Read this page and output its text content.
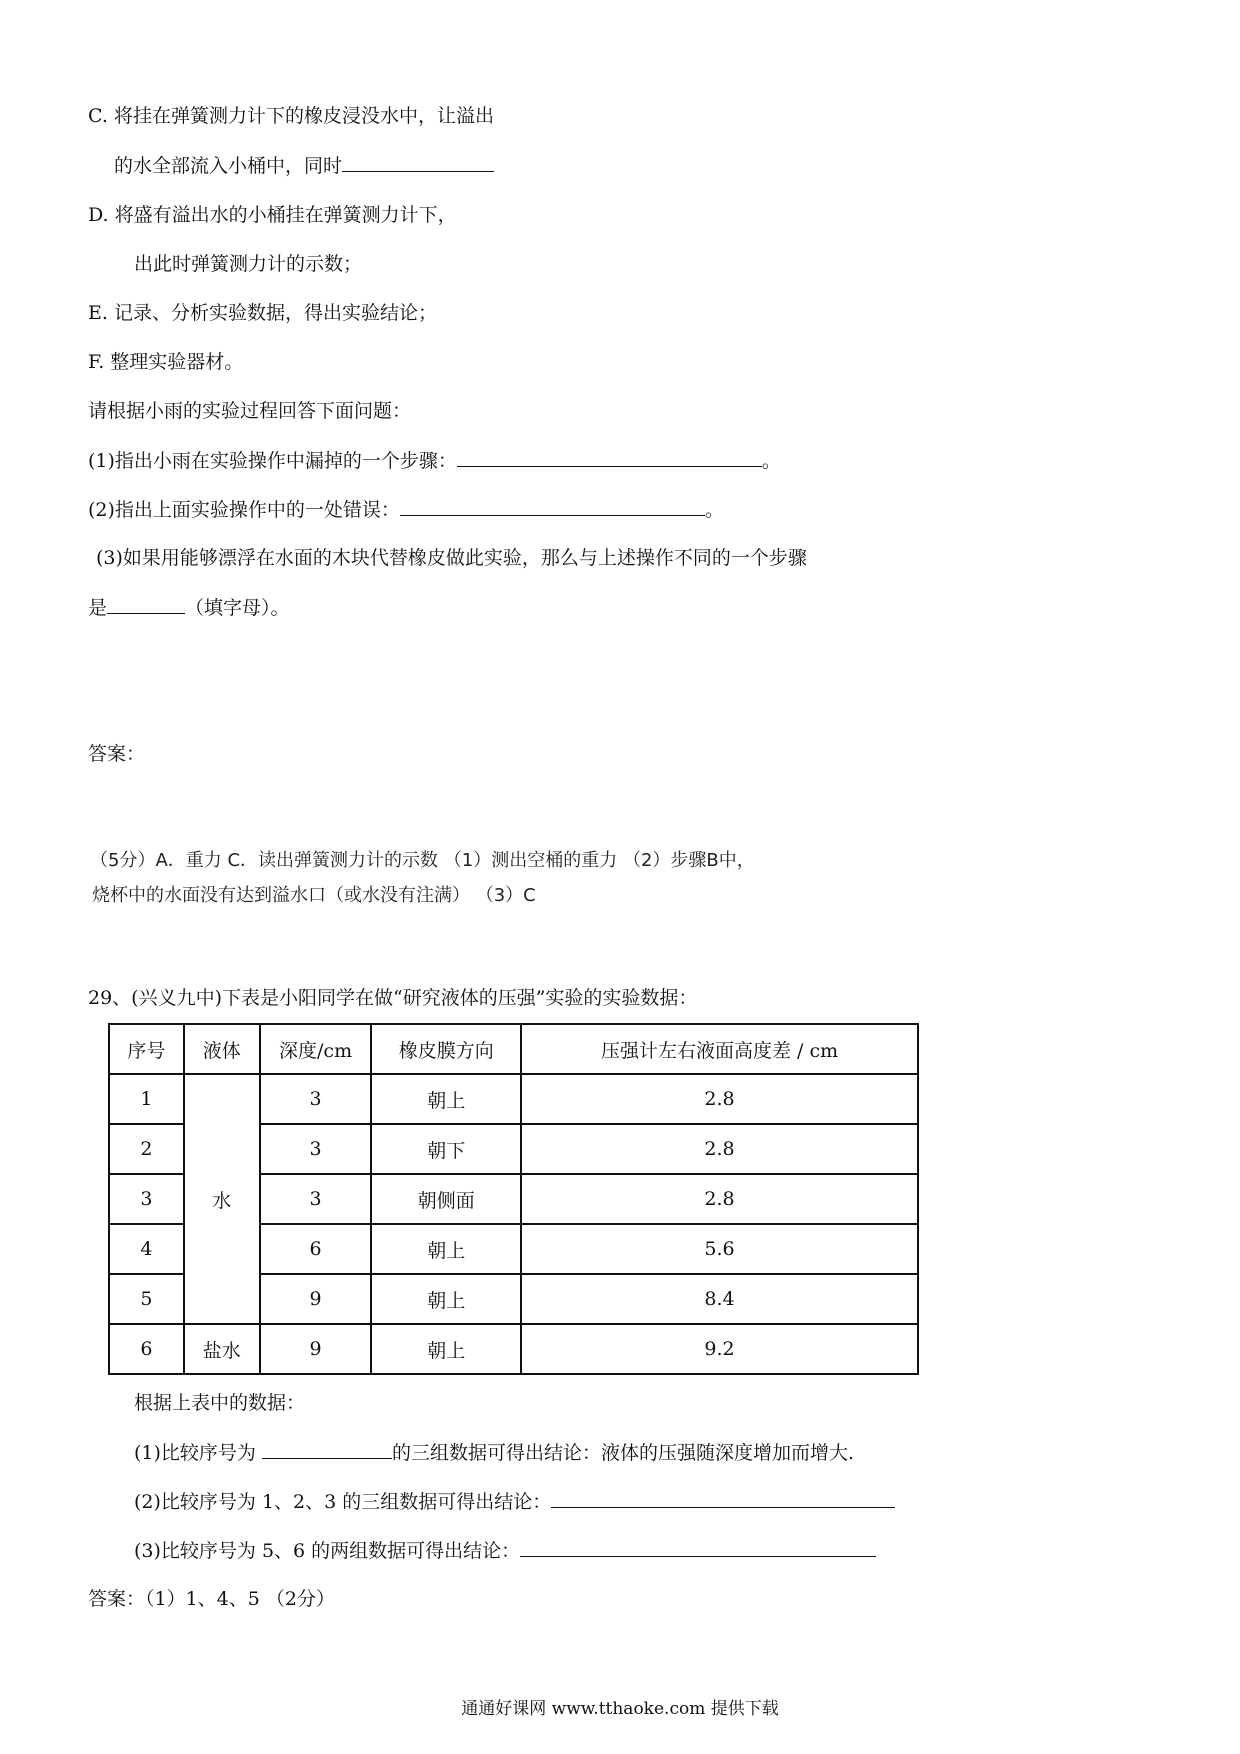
C. 将挂在弹簧测力计下的橡皮浸没水中，让溢出
的水全部流入小桶中，同时
D. 将盛有溢出水的小桶挂在弹簧测力计下，
出此时弹簧测力计的示数；
E. 记录、分析实验数据，得出实验结论；
F. 整理实验器材。
请根据小雨的实验过程回答下面问题：
(1)指出小雨在实验操作中漏掉的一个步骤：	。
(2)指出上面实验操作中的一处错误：	。
(3)如果用能够漂浮在水面的木块代替橡皮做此实验，那么与上述操作不同的一个步骤
是	（填字母）。
答案：
（5分）A．重力 C．读出弹簧测力计的示数 （1）测出空桶的重力 （2）步骤B中，
烧杯中的水面没有达到溢水口（或水没有注满） （3）C
29、(兴义九中)下表是小阳同学在做“研究液体的压强”实验的实验数据：
序号	液体	深度/cm	橡皮膜方向	压强计左右液面高度差 / cm
1	水	3	朝上	2.8
2		3	朝下	2.8
3		3	朝侧面	2.8
4		6	朝上	5.6
5		9	朝上	8.4
6	盐水	9	朝上	9.2
根据上表中的数据：
(1)比较序号为	的三组数据可得出结论：液体的压强随深度增加而增大.
(2)比较序号为 1、2、3 的三组数据可得出结论：
(3)比较序号为 5、6 的两组数据可得出结论：
答案：（1）1、4、5 （2分）
通通好课网 www.tthaoke.com 提供下载
